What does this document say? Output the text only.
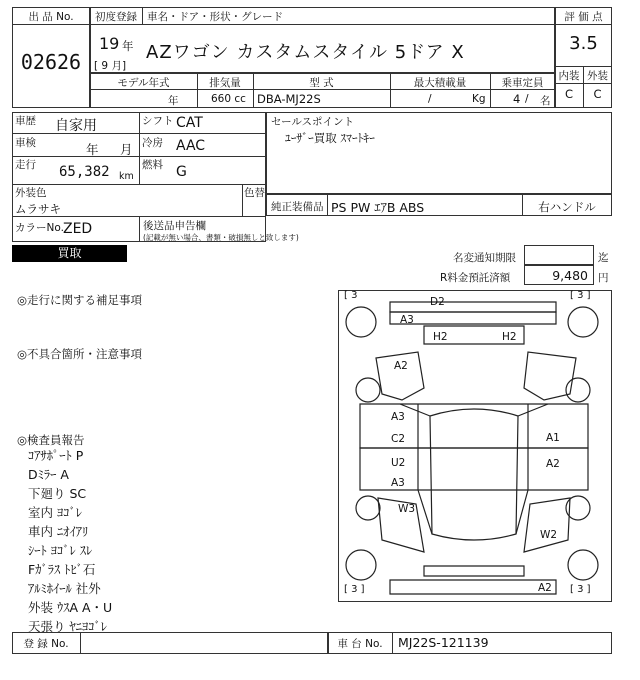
出 品 No.
02626
初度登録 車名・ドア・形状・グレード
19 年
[ 9 月]
AZワゴン カスタムスタイル 5ドア X
評 価 点
3.5
内装 外装
C	C
モデル年式	排気量	型 式	最大積載量	乗車定員
年	660 cc DBA-MJ22S	/	Kg 4 / 名
車歴 自家用	シフト CAT
車検	年 月 冷房 AAC
走行 65,382 km
燃料 G
外装色
ムラサキ
色替
カラーNo. ZED	後送品申告欄
(記載が無い場合、書類・破損無しと致します)
セールスポイント
ﾕｰｻﾞｰ買取 ｽﾏｰﾄｷｰ
純正装備品 PS PW ｴｱB ABS	右ハンドル
買取	名変通知期限	迄
R料金預託済額	9,480 円
◎走行に関する補足事項
◎不具合箇所・注意事項
◎検査員報告
ｺｱｻﾎﾟｰﾄ P
Dﾐﾗｰ A
下廻り SC
室内 ﾖｺﾞﾚ
車内 ﾆｵｲｱﾘ
ｼｰﾄ ﾖｺﾞﾚ ｽﾚ
Fｶﾞﾗｽ ﾄﾋﾞ石
ｱﾙﾐﾎｲｰﾙ 社外
外装 ｳｽA A・U
天張り ﾔﾆﾖｺﾞﾚ
[ 3	[ 3 ]
[ 3 ]	[ 3 ]
D2
A3
H2	H2
A2
A3
C2
U2
A3
A1
A2
W3
W2
A2
登 録 No.	車 台 No.	MJ22S-121139
